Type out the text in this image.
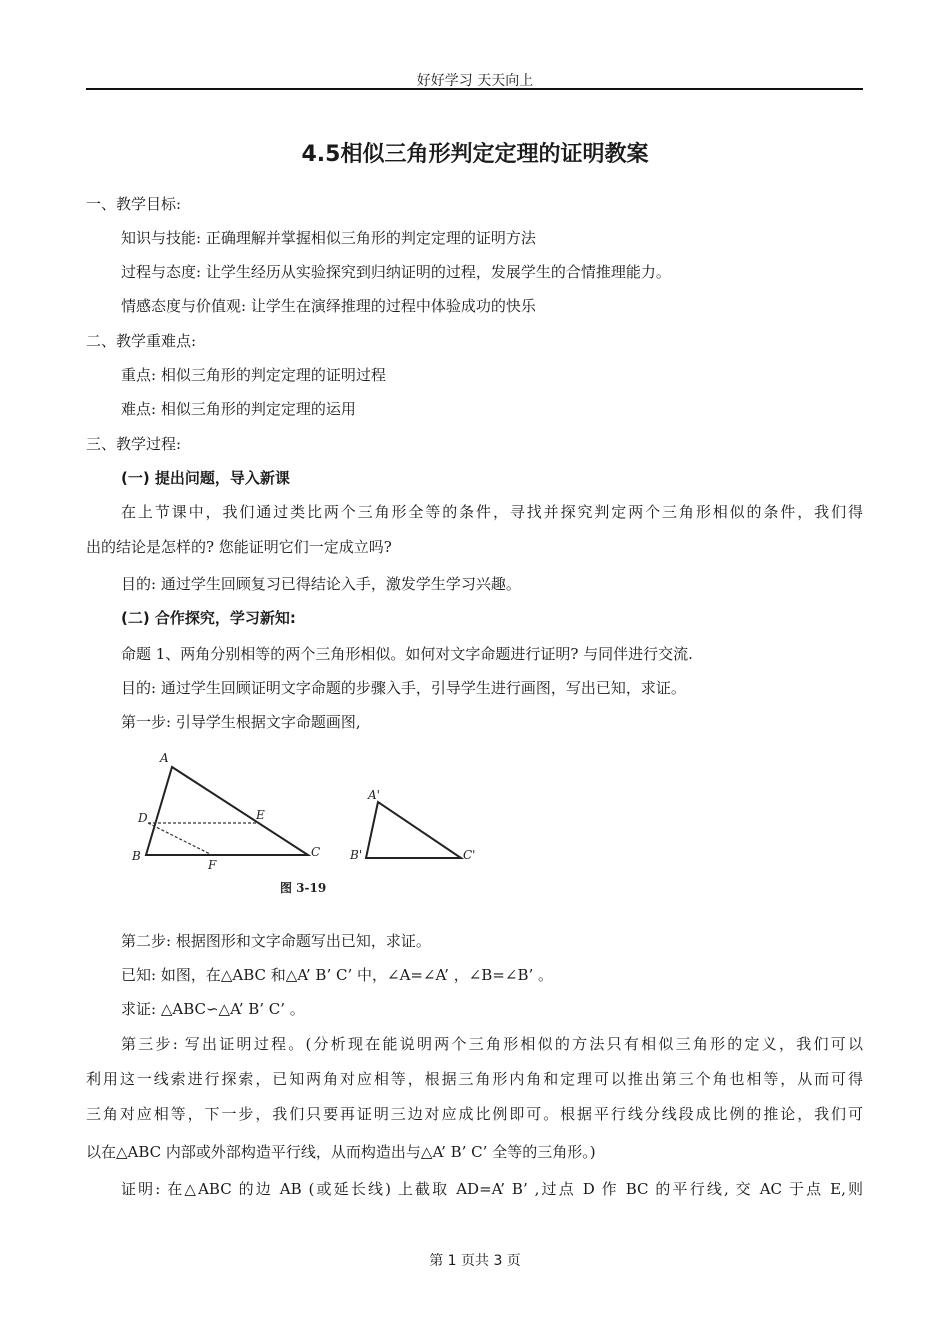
好好学习 天天向上
4.5相似三角形判定定理的证明教案
一、教学目标:
知识与技能: 正确理解并掌握相似三角形的判定定理的证明方法
过程与态度: 让学生经历从实验探究到归纳证明的过程，发展学生的合情推理能力。
情感态度与价值观: 让学生在演绎推理的过程中体验成功的快乐
二、教学重难点:
重点: 相似三角形的判定定理的证明过程
难点: 相似三角形的判定定理的运用
三、教学过程:
(一) 提出问题，导入新课
在上节课中，我们通过类比两个三角形全等的条件，寻找并探究判定两个三角形相似的条件，我们得
出的结论是怎样的? 您能证明它们一定成立吗?
目的: 通过学生回顾复习已得结论入手，激发学生学习兴趣。
(二) 合作探究，学习新知:
命题 1、两角分别相等的两个三角形相似。如何对文字命题进行证明? 与同伴进行交流.
目的: 通过学生回顾证明文字命题的步骤入手，引导学生进行画图，写出已知，求证。
第一步: 引导学生根据文字命题画图,
A
D	E
B
F
C
A'
B'	C'
图 3-19
第二步: 根据图形和文字命题写出已知，求证。
已知: 如图，在△ABC 和△A’ B’ C’ 中，∠A=∠A’ ，∠B=∠B’ 。
求证: △ABC∽△A’ B’ C’ 。
第三步: 写出证明过程。(分析现在能说明两个三角形相似的方法只有相似三角形的定义，我们可以
利用这一线索进行探索，已知两角对应相等，根据三角形内角和定理可以推出第三个角也相等，从而可得
三角对应相等，下一步，我们只要再证明三边对应成比例即可。根据平行线分线段成比例的推论，我们可
以在△ABC 内部或外部构造平行线，从而构造出与△A’ B’ C’ 全等的三角形。)
证明: 在△ABC 的边 AB (或延长线) 上截取 AD=A’ B’ ,过点 D 作 BC 的平行线, 交 AC 于点 E,则
第 1 页共 3 页
